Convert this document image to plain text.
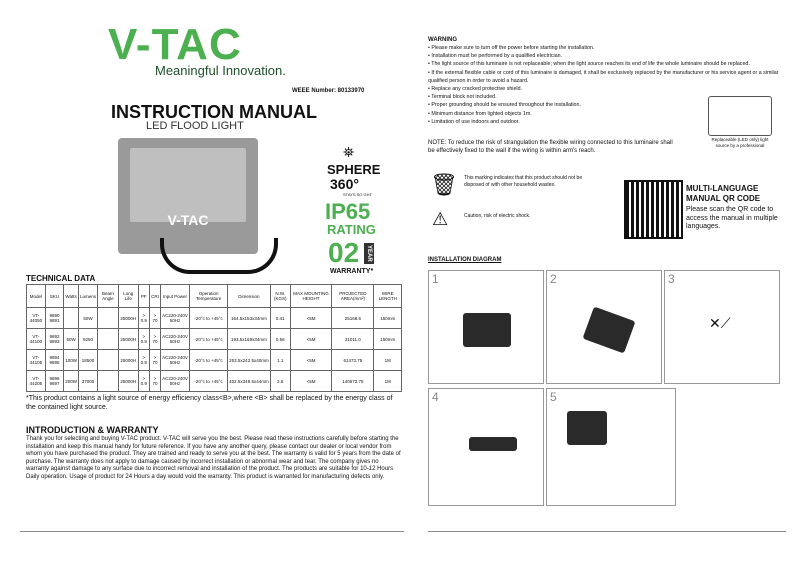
V-TAC
Meaningful Innovation.
WEEE Number: 80133970
INSTRUCTION MANUAL
LED FLOOD LIGHT
V-TAC
⛯
SPHERE
360°
STAYS SO GHT
IP65
RATING
02	YEAR
WARRANTY*
TECHNICAL DATA
Model	SKU	Watts	Lumens	Beam Angle	Long Life	PF	CRI	Input Power	Operation Temperature	Dimension	N.W.(KGS)	MAX MOUNTING HEIGHT	PROJECTED AREA(mm²)	WIRE LENGTH
VT-44050	9890 9891		50W		25000H	> 0.9	> 70	AC220-240V 50Hz	-20°c to +45°c	164.5x153x34mm	0.41	<5M	25168.5	150mm
VT-44100	9892 9893	50W	9250		25000H	> 0.9	> 70	AC220-240V 50Hz	-20°c to +45°c	193.5x169x34mm	0.56	<5M	31011.0	150mm
VT-44105	9894 9895	100W	18500		25000H	> 0.9	> 70	AC220-240V 50Hz	-20°c to +45°c	253.5x242.5x40mm	1.1	<5M	61473.75	1M
VT-44205	9896 9897	200W	37000		25000H	> 0.9	> 70	AC220-240V 50Hz	-20°c to +45°c	402.5x349.5x44mm	2.8	<5M	140673.75	1M
*This product contains a light source of energy efficiency class<B>,where <B> shall be replaced by the energy class of the contained light source.
INTRODUCTION & WARRANTY
Thank you for selecting and buying V-TAC product. V-TAC will serve you the best. Please read these instructions carefully before starting the installation and keep this manual handy for future reference. If you have any another query, please contact our dealer or local vendor from whom you have purchased the product. They are trained and ready to serve you at the best. The warranty is valid for 5 years from the date of purchase. The warranty does not apply to damage caused by incorrect installation or abnormal wear and tear. The company gives no warranty against damage to any surface due to incorrect removal and installation of the product. The products are suitable for 10-12 Hours Daily operation. Usage of product for 24 Hours a day would void the warranty. This product is warranted for manufacturing defects only.
WARNING
• Please make sure to turn off the power before starting the installation.
• Installation must be performed by a qualified electrician.
• The light source of this luminaire is not replaceable; when the light source reaches its end of life the whole luminaire should be replaced.
• If the external flexible cable or cord of this luminaire is damaged, it shall be exclusively replaced by the manufacturer or his service agent or a similar qualified person in order to avoid a hazard.
• Replace any cracked protective shield.
• Terminal block not included.
• Proper grounding should be ensured throughout the installation.
• Minimum distance from lighted objects 1m.
• Limitation of use indoors and outdoor.
NOTE: To reduce the risk of strangulation the flexible wiring connected to this luminaire shall be effectively fixed to the wall if the wiring is within arm's reach.
Replaceable (LED only) light source by a professional
🗑 This marking indicates that this product should not be disposed of with other household wastes.
⚠	Caution, risk of electric shock.
MULTI-LANGUAGE
MANUAL QR CODE
Please scan the QR code to access the manual in multiple languages.
INSTALLATION DIAGRAM
1	2	3
✕⟋
4	5
